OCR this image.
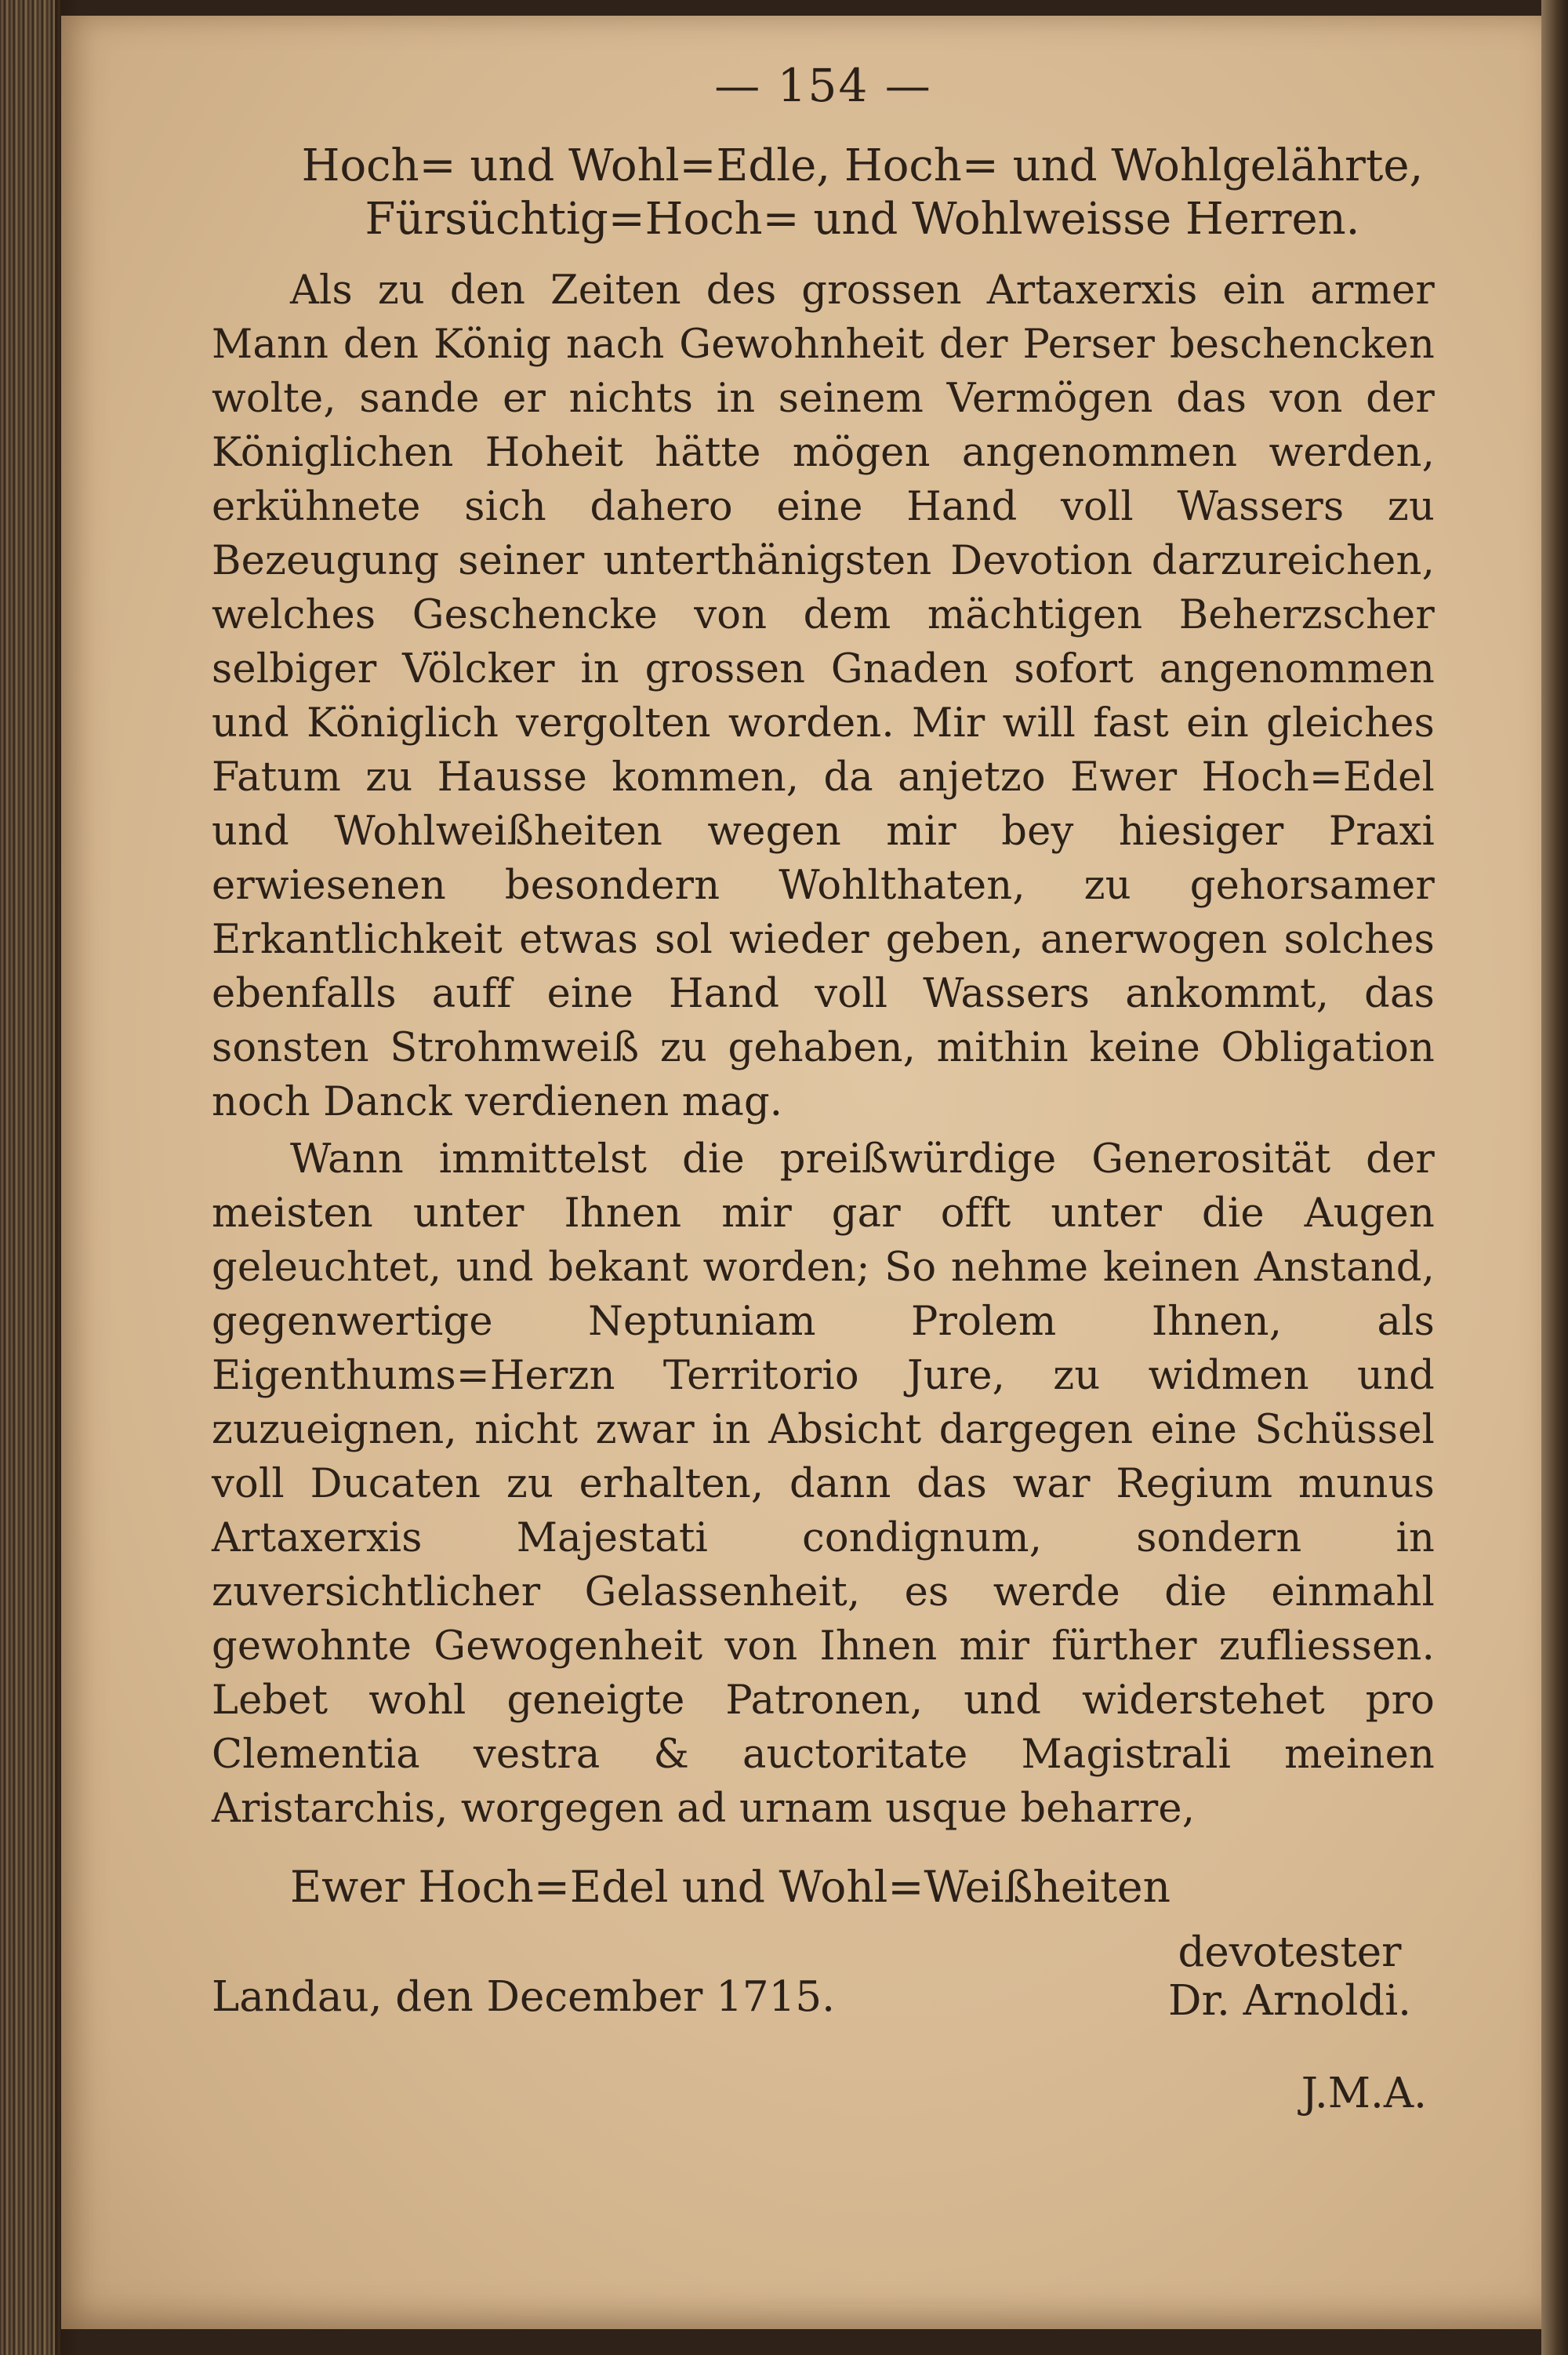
— 154 —
Hoch= und Wohl=Edle, Hoch= und Wohlgelährte,
Fürsüchtig=Hoch= und Wohlweisse Herren.

Als zu den Zeiten des grossen Artaxerxis ein armer Mann den König nach Gewohnheit der Perser beschencken wolte, sande er nichts in seinem Vermögen das von der Königlichen Hoheit hätte mögen angenommen werden, erkühnete sich dahero eine Hand voll Wassers zu Bezeugung seiner unterthänigsten Devotion darzureichen, welches Geschencke von dem mächtigen Beherzscher selbiger Völcker in grossen Gnaden sofort angenommen und Königlich vergolten worden. Mir will fast ein gleiches Fatum zu Hausse kommen, da anjetzo Ewer Hoch=Edel und Wohlweißheiten wegen mir bey hiesiger Praxi erwiesenen besondern Wohlthaten, zu gehorsamer Erkantlichkeit etwas sol wieder geben, anerwogen solches ebenfalls auff eine Hand voll Wassers ankommt, das sonsten Strohmweiß zu gehaben, mithin keine Obligation noch Danck verdienen mag.

Wann immittelst die preißwürdige Generosität der meisten unter Ihnen mir gar offt unter die Augen geleuchtet, und bekant worden; So nehme keinen Anstand, gegenwertige Neptuniam Prolem Ihnen, als Eigenthums=Herzn Territorio Jure, zu widmen und zuzueignen, nicht zwar in Absicht dargegen eine Schüssel voll Ducaten zu erhalten, dann das war Regium munus Artaxerxis Majestati condignum, sondern in zuversichtlicher Gelassenheit, es werde die einmahl gewohnte Gewogenheit von Ihnen mir fürther zufliessen. Lebet wohl geneigte Patronen, und widerstehet pro Clementia vestra & auctoritate Magistrali meinen Aristarchis, worgegen ad urnam usque beharre,

Ewer Hoch=Edel und Wohl=Weißheiten
Landau, den December 1715.
devotester
Dr. Arnoldi.
J.M.A.
